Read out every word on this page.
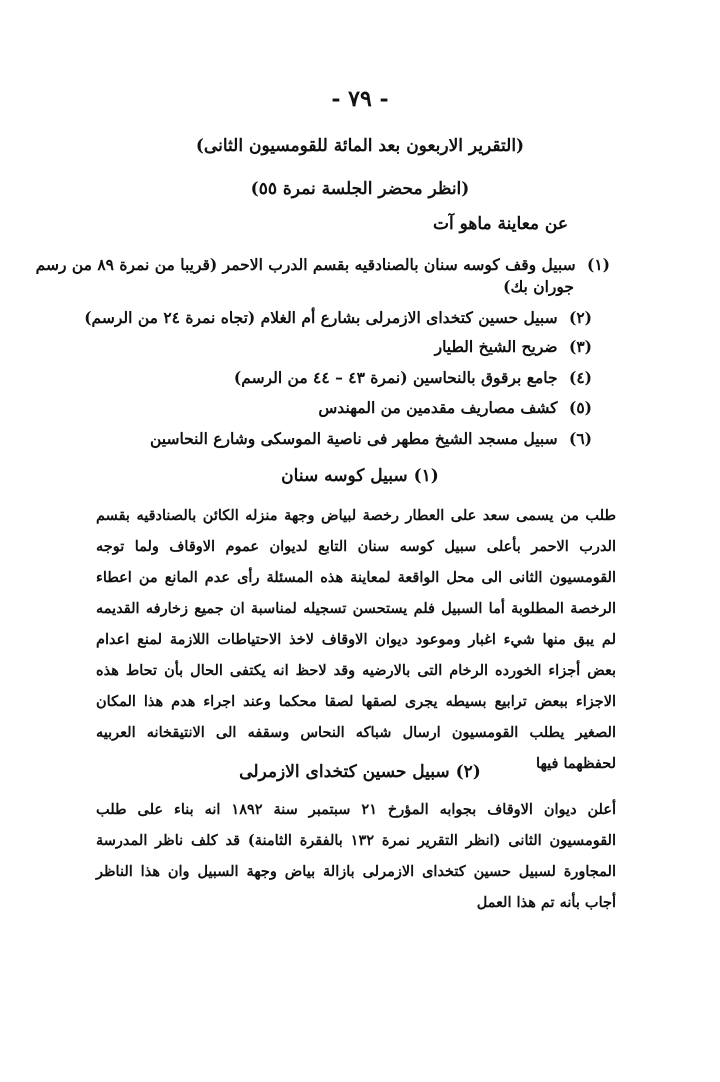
- ٧٩ -
(التقرير الاربعون بعد المائة للقومسيون الثانى)
(انظر محضر الجلسة نمرة ٥٥)
عن معاينة ماهو آت
(١) سبيل وقف كوسه سنان بالصنادقيه بقسم الدرب الاحمر (قريبا من نمرة ٨٩ من رسم
جوران بك)
(٢) سبيل حسين كتخداى الازمرلى بشارع أم الغلام (تجاه نمرة ٢٤ من الرسم)
(٣) ضريح الشيخ الطيار
(٤) جامع برقوق بالنحاسين (نمرة ٤٣ – ٤٤ من الرسم)
(٥) كشف مصاريف مقدمين من المهندس
(٦) سبيل مسجد الشيخ مطهر فى ناصية الموسكى وشارع النحاسين
(١) سبيل كوسه سنان
طلب من يسمى سعد على العطار رخصة لبياض وجهة منزله الكائن بالصنادقيه بقسم الدرب الاحمر بأعلى سبيل كوسه سنان التابع لديوان عموم الاوقاف ولما توجه القومسيون الثانى الى محل الواقعة لمعاينة هذه المسئلة رأى عدم المانع من اعطاء الرخصة المطلوبة أما السبيل فلم يستحسن تسجيله لمناسبة ان جميع زخارفه القديمه لم يبق منها شيء اغبار وموعود ديوان الاوقاف لاخذ الاحتياطات اللازمة لمنع اعدام بعض أجزاء الخورده الرخام التى بالارضيه وقد لاحظ انه يكتفى الحال بأن تحاط هذه الاجزاء ببعض ترابيع بسيطه يجرى لصقها لصقا محكما وعند اجراء هدم هذا المكان الصغير يطلب القومسيون ارسال شباكه النحاس وسقفه الى الانتيقخانه العربيه لحفظهما فيها
(٢) سبيل حسين كتخداى الازمرلى
أعلن ديوان الاوقاف بجوابه المؤرخ ٢١ سبتمبر سنة ١٨٩٢ انه بناء على طلب القومسيون الثانى (انظر التقرير نمرة ١٣٢ بالفقرة الثامنة) قد كلف ناظر المدرسة المجاورة لسبيل حسين كتخداى الازمرلى بازالة بياض وجهة السبيل وان هذا الناظر أجاب بأنه تم هذا العمل
